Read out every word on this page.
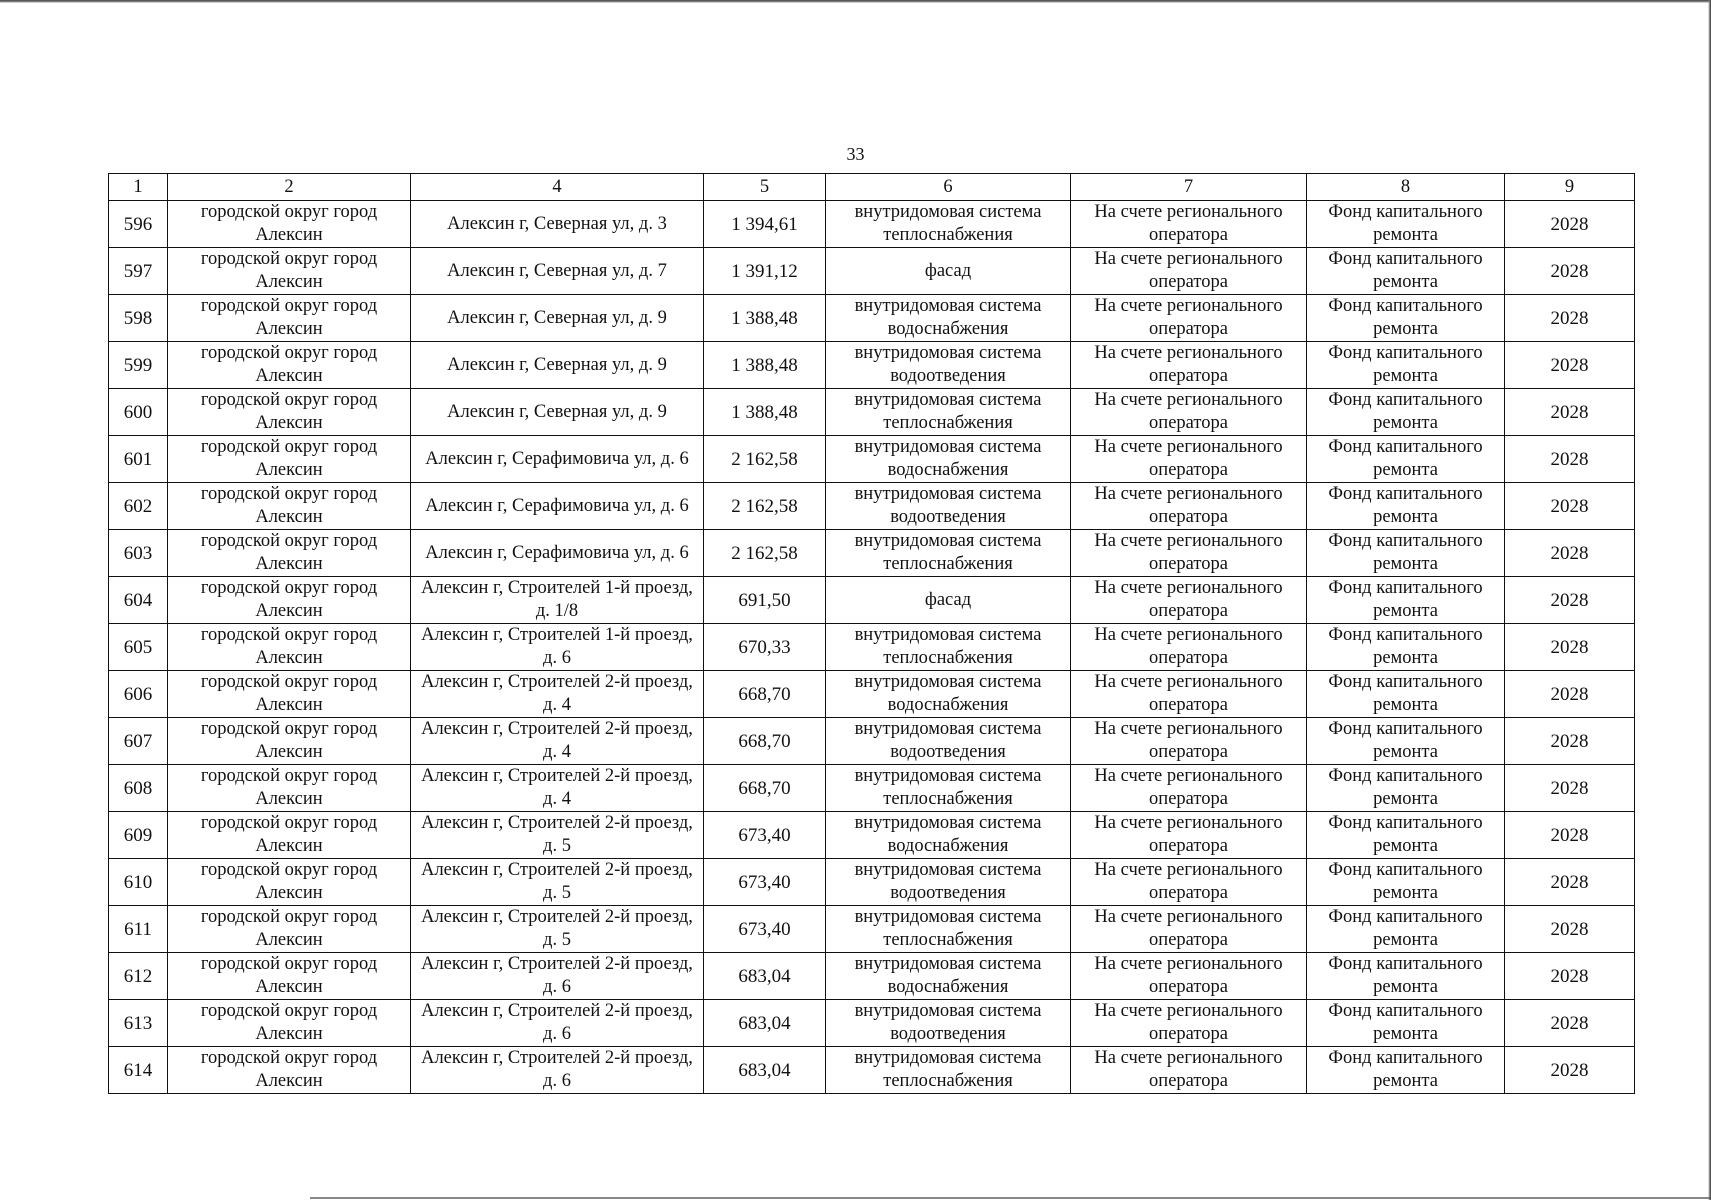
33
1	2	4	5	6	7	8	9
596	городской округ город Алексин	Алексин г, Северная ул, д. 3	1 394,61	внутридомовая система теплоснабжения	На счете регионального оператора	Фонд капитального ремонта	2028
597	городской округ город Алексин	Алексин г, Северная ул, д. 7	1 391,12	фасад	На счете регионального оператора	Фонд капитального ремонта	2028
598	городской округ город Алексин	Алексин г, Северная ул, д. 9	1 388,48	внутридомовая система водоснабжения	На счете регионального оператора	Фонд капитального ремонта	2028
599	городской округ город Алексин	Алексин г, Северная ул, д. 9	1 388,48	внутридомовая система водоотведения	На счете регионального оператора	Фонд капитального ремонта	2028
600	городской округ город Алексин	Алексин г, Северная ул, д. 9	1 388,48	внутридомовая система теплоснабжения	На счете регионального оператора	Фонд капитального ремонта	2028
601	городской округ город Алексин	Алексин г, Серафимовича ул, д. 6	2 162,58	внутридомовая система водоснабжения	На счете регионального оператора	Фонд капитального ремонта	2028
602	городской округ город Алексин	Алексин г, Серафимовича ул, д. 6	2 162,58	внутридомовая система водоотведения	На счете регионального оператора	Фонд капитального ремонта	2028
603	городской округ город Алексин	Алексин г, Серафимовича ул, д. 6	2 162,58	внутридомовая система теплоснабжения	На счете регионального оператора	Фонд капитального ремонта	2028
604	городской округ город Алексин	Алексин г, Строителей 1-й проезд, д. 1/8	691,50	фасад	На счете регионального оператора	Фонд капитального ремонта	2028
605	городской округ город Алексин	Алексин г, Строителей 1-й проезд, д. 6	670,33	внутридомовая система теплоснабжения	На счете регионального оператора	Фонд капитального ремонта	2028
606	городской округ город Алексин	Алексин г, Строителей 2-й проезд, д. 4	668,70	внутридомовая система водоснабжения	На счете регионального оператора	Фонд капитального ремонта	2028
607	городской округ город Алексин	Алексин г, Строителей 2-й проезд, д. 4	668,70	внутридомовая система водоотведения	На счете регионального оператора	Фонд капитального ремонта	2028
608	городской округ город Алексин	Алексин г, Строителей 2-й проезд, д. 4	668,70	внутридомовая система теплоснабжения	На счете регионального оператора	Фонд капитального ремонта	2028
609	городской округ город Алексин	Алексин г, Строителей 2-й проезд, д. 5	673,40	внутридомовая система водоснабжения	На счете регионального оператора	Фонд капитального ремонта	2028
610	городской округ город Алексин	Алексин г, Строителей 2-й проезд, д. 5	673,40	внутридомовая система водоотведения	На счете регионального оператора	Фонд капитального ремонта	2028
611	городской округ город Алексин	Алексин г, Строителей 2-й проезд, д. 5	673,40	внутридомовая система теплоснабжения	На счете регионального оператора	Фонд капитального ремонта	2028
612	городской округ город Алексин	Алексин г, Строителей 2-й проезд, д. 6	683,04	внутридомовая система водоснабжения	На счете регионального оператора	Фонд капитального ремонта	2028
613	городской округ город Алексин	Алексин г, Строителей 2-й проезд, д. 6	683,04	внутридомовая система водоотведения	На счете регионального оператора	Фонд капитального ремонта	2028
614	городской округ город Алексин	Алексин г, Строителей 2-й проезд, д. 6	683,04	внутридомовая система теплоснабжения	На счете регионального оператора	Фонд капитального ремонта	2028
